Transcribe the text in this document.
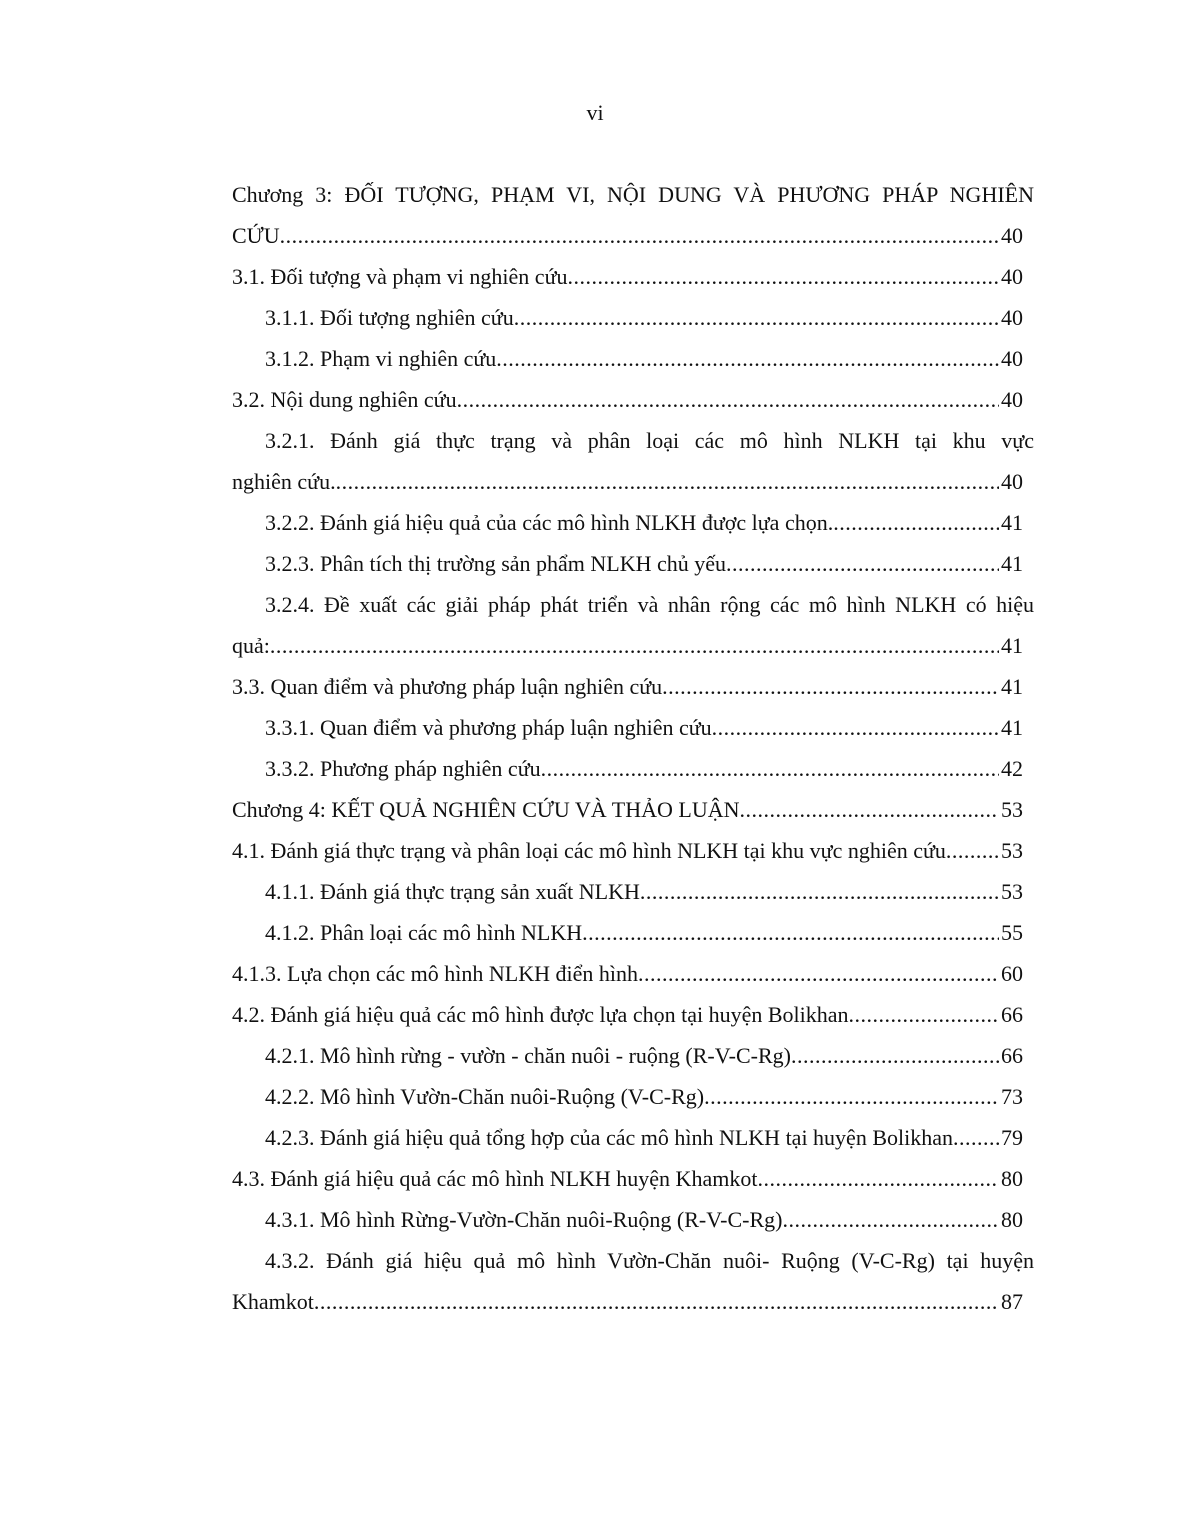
vi
Chương 3: ĐỐI TƯỢNG, PHẠM VI, NỘI DUNG VÀ PHƯƠNG PHÁP NGHIÊN
CỨU .....	40
3.1. Đối tượng và phạm vi nghiên cứu .....	40
3.1.1. Đối tượng nghiên cứu .....	40
3.1.2. Phạm vi nghiên cứu .....	40
3.2. Nội dung nghiên cứu .....	40
3.2.1. Đánh giá thực trạng và phân loại các mô hình NLKH tại khu vực
nghiên cứu. .....	40
3.2.2. Đánh giá hiệu quả của các mô hình NLKH được lựa chọn. .....	41
3.2.3. Phân tích thị trường sản phẩm NLKH chủ yếu .....	41
3.2.4. Đề xuất các giải pháp phát triển và nhân rộng các mô hình NLKH có hiệu
quả: .....	41
3.3. Quan điểm và phương pháp luận nghiên cứu .....	41
3.3.1. Quan điểm và phương pháp luận nghiên cứu .....	41
3.3.2. Phương pháp nghiên cứu .....	42
Chương 4: KẾT QUẢ NGHIÊN CỨU VÀ THẢO LUẬN .....	53
4.1. Đánh giá thực trạng và phân loại các mô hình NLKH tại khu vực nghiên cứu .....	53
4.1.1. Đánh giá thực trạng sản xuất NLKH .....	53
4.1.2. Phân loại các mô hình NLKH .....	55
4.1.3. Lựa chọn các mô hình NLKH điển hình .....	60
4.2. Đánh giá hiệu quả các mô hình được lựa chọn tại huyện Bolikhan .....	66
4.2.1. Mô hình rừng - vườn - chăn nuôi - ruộng (R-V-C-Rg) .....	66
4.2.2. Mô hình Vườn-Chăn nuôi-Ruộng (V-C-Rg) .....	73
4.2.3. Đánh giá hiệu quả tổng hợp của các mô hình NLKH tại huyện Bolikhan ..... 79
4.3. Đánh giá hiệu quả các mô hình NLKH huyện Khamkot .....	80
4.3.1. Mô hình Rừng-Vườn-Chăn nuôi-Ruộng (R-V-C-Rg) .....	80
4.3.2. Đánh giá hiệu quả mô hình Vườn-Chăn nuôi- Ruộng (V-C-Rg) tại huyện
Khamkot .....	87
